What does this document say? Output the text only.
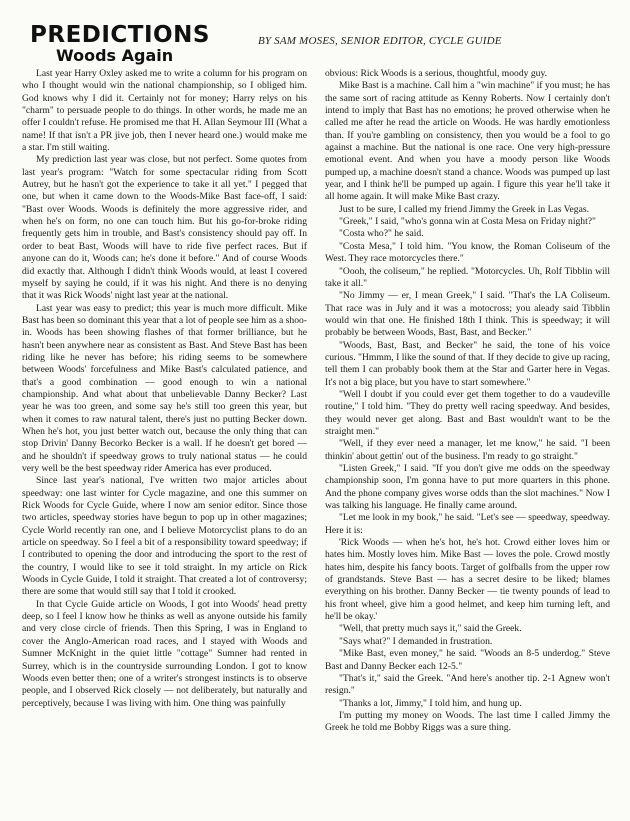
PREDICTIONS
Woods Again
BY SAM MOSES, SENIOR EDITOR, CYCLE GUIDE

Last year Harry Oxley asked me to write a column for his program on who I thought would win the national championship, so I obliged him. God knows why I did it. Certainly not for money; Harry relys on his "charm" to persuade people to do things. In other words, he made me an offer I couldn't refuse. He promised me that H. Allan Seymour III (What a name! If that isn't a PR jive job, then I never heard one.) would make me a star. I'm still waiting.

My prediction last year was close, but not perfect. Some quotes from last year's program: "Watch for some spectacular riding from Scott Autrey, but he hasn't got the experience to take it all yet." I pegged that one, but when it came down to the Woods-Mike Bast face-off, I said: "Bast over Woods. Woods is definitely the more aggressive rider, and when he's on form, no one can touch him. But his go-for-broke riding frequently gets him in trouble, and Bast's consistency should pay off. In order to beat Bast, Woods will have to ride five perfect races. But if anyone can do it, Woods can; he's done it before." And of course Woods did exactly that. Although I didn't think Woods would, at least I covered myself by saying he could, if it was his night. And there is no denying that it was Rick Woods' night last year at the national.

Last year was easy to predict; this year is much more difficult. Mike Bast has been so dominant this year that a lot of people see him as a shoo-in. Woods has been showing flashes of that former brilliance, but he hasn't been anywhere near as consistent as Bast. And Steve Bast has been riding like he never has before; his riding seems to be somewhere between Woods' forcefulness and Mike Bast's calculated patience, and that's a good combination — good enough to win a national championship. And what about that unbelievable Danny Becker? Last year he was too green, and some say he's still too green this year, but when it comes to raw natural talent, there's just no putting Becker down. When he's hot, you just better watch out, because the only thing that can stop Drivin' Danny Becorko Becker is a wall. If he doesn't get bored — and he shouldn't if speedway grows to truly national status — he could very well be the best speedway rider America has ever produced.

Since last year's national, I've written two major articles about speedway: one last winter for Cycle magazine, and one this summer on Rick Woods for Cycle Guide, where I now am senior editor. Since those two articles, speedway stories have begun to pop up in other magazines; Cycle World recently ran one, and I believe Motorcyclist plans to do an article on speedway. So I feel a bit of a responsibility toward speedway; if I contributed to opening the door and introducing the sport to the rest of the country, I would like to see it told straight. In my article on Rick Woods in Cycle Guide, I told it straight. That created a lot of controversy; there are some that would still say that I told it crooked.

In that Cycle Guide article on Woods, I got into Woods' head pretty deep, so I feel I know how he thinks as well as anyone outside his family and very close circle of friends. Then this Spring, I was in England to cover the Anglo-American road races, and I stayed with Woods and Sumner McKnight in the quiet little "cottage" Sumner had rented in Surrey, which is in the countryside surrounding London. I got to know Woods even better then; one of a writer's strongest instincts is to observe people, and I observed Rick closely — not deliberately, but naturally and perceptively, because I was living with him. One thing was painfully

obvious: Rick Woods is a serious, thoughtful, moody guy.

Mike Bast is a machine. Call him a "win machine" if you must; he has the same sort of racing attitude as Kenny Roberts. Now I certainly don't intend to imply that Bast has no emotions; he proved otherwise when he called me after he read the article on Woods. He was hardly emotionless than. If you're gambling on consistency, then you would be a fool to go against a machine. But the national is one race. One very high-pressure emotional event. And when you have a moody person like Woods pumped up, a machine doesn't stand a chance. Woods was pumped up last year, and I think he'll be pumped up again. I figure this year he'll take it all home again. It will make Mike Bast crazy.

Just to be sure, I called my friend Jimmy the Greek in Las Vegas.

"Greek," I said, "who's gonna win at Costa Mesa on Friday night?"

"Costa who?" he said.

"Costa Mesa," I told him. "You know, the Roman Coliseum of the West. They race motorcycles there."

"Oooh, the coliseum," he replied. "Motorcycles. Uh, Rolf Tibblin will take it all."

"No Jimmy — er, I mean Greek," I said. "That's the LA Coliseum. That race was in July and it was a motocross; you aleady said Tibblin would win that one. He finished 18th I think. This is speedway; it will probably be between Woods, Bast, Bast, and Becker."

"Woods, Bast, Bast, and Becker" he said, the tone of his voice curious. "Hmmm, I like the sound of that. If they decide to give up racing, tell them I can probably book them at the Star and Garter here in Vegas. It's not a big place, but you have to start somewhere."

"Well I doubt if you could ever get them together to do a vaudeville routine," I told him. "They do pretty well racing speedway. And besides, they would never get along. Bast and Bast wouldn't want to be the straight men."

"Well, if they ever need a manager, let me know," he said. "I been thinkin' about gettin' out of the business. I'm ready to go straight."

"Listen Greek," I said. "If you don't give me odds on the speedway championship soon, I'm gonna have to put more quarters in this phone. And the phone company gives worse odds than the slot machines." Now I was talking his language. He finally came around.

"Let me look in my book," he said. "Let's see — speedway, speedway. Here it is:

'Rick Woods — when he's hot, he's hot. Crowd either loves him or hates him. Mostly loves him. Mike Bast — loves the pole. Crowd mostly hates him, despite his fancy boots. Target of golfballs from the upper row of grandstands. Steve Bast — has a secret desire to be liked; blames everything on his brother. Danny Becker — tie twenty pounds of lead to his front wheel, give him a good helmet, and keep him turning left, and he'll be okay.'

"Well, that pretty much says it," said the Greek.

"Says what?" I demanded in frustration.

"Mike Bast, even money," he said. "Woods an 8-5 underdog." Steve Bast and Danny Becker each 12-5."

"That's it," said the Greek. "And here's another tip. 2-1 Agnew won't resign."

"Thanks a lot, Jimmy," I told him, and hung up.

I'm putting my money on Woods. The last time I called Jimmy the Greek he told me Bobby Riggs was a sure thing.
